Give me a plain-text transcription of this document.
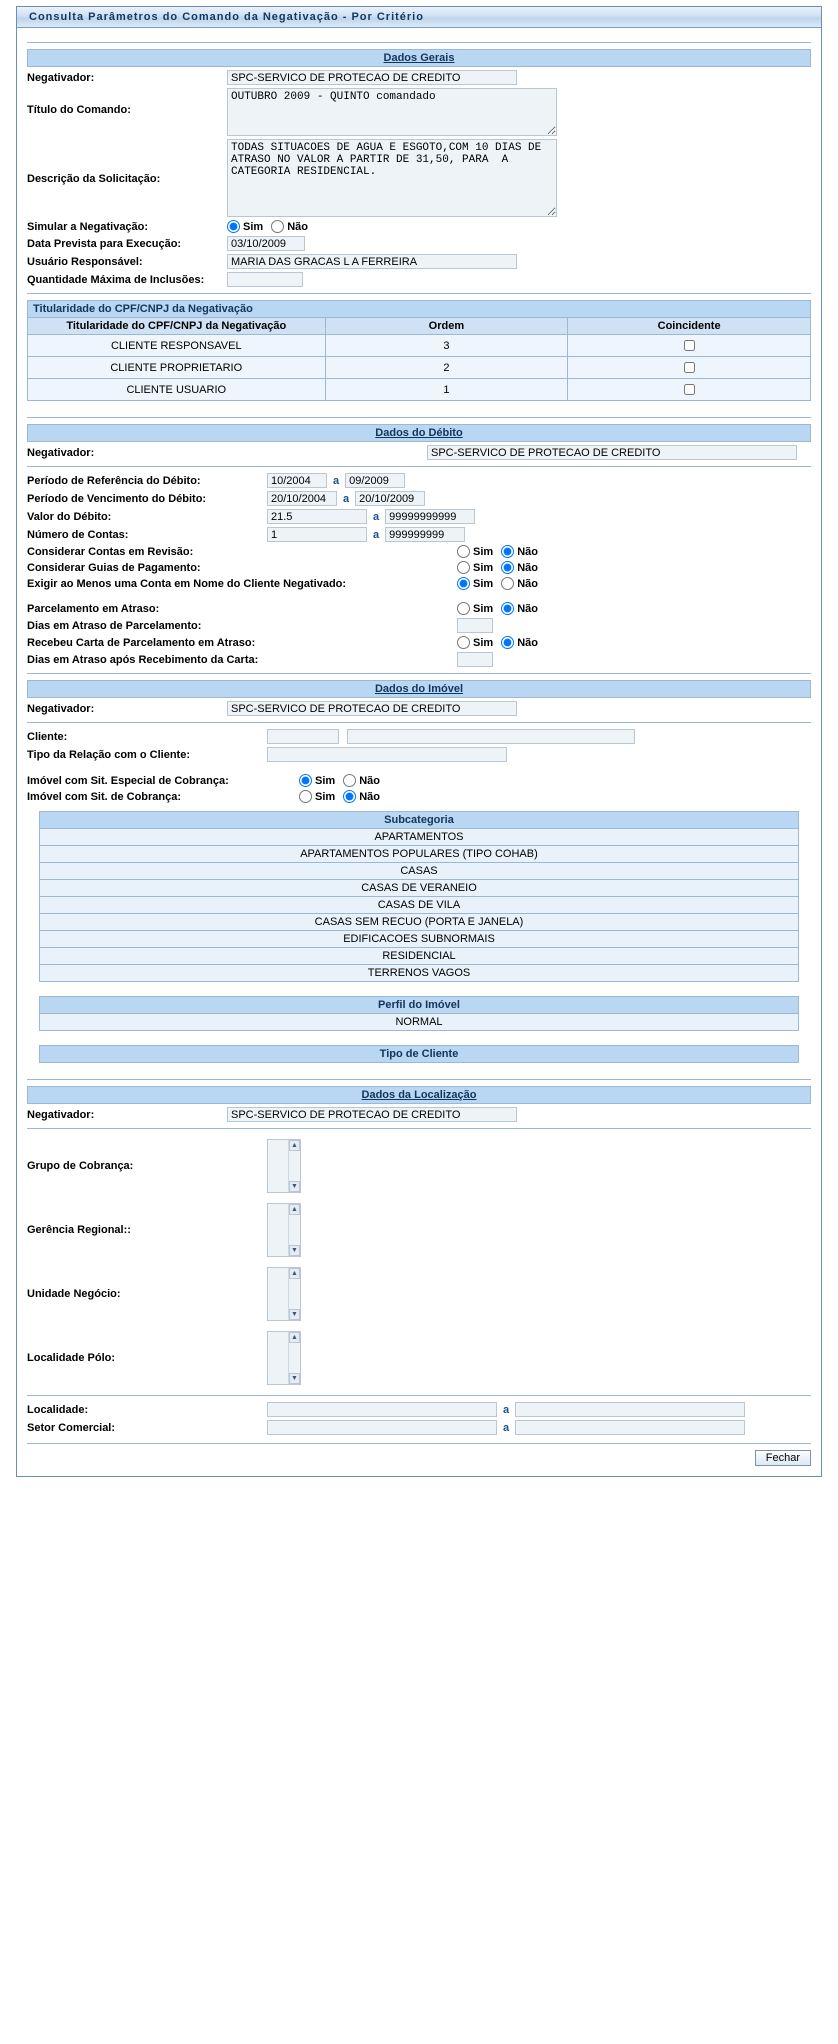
Consulta Parâmetros do Comando da Negativação - Por Critério
Dados Gerais
Negativador:
SPC-SERVICO DE PROTECAO DE CREDITO
Título do Comando:
OUTUBRO 2009 - QUINTO comandado
Descrição da Solicitação:
TODAS SITUACOES DE AGUA E ESGOTO,COM 10 DIAS DE ATRASO NO VALOR A PARTIR DE 31,50, PARA A CATEGORIA RESIDENCIAL.
Simular a Negativação:	Sim Não
Data Prevista para Execução:
03/10/2009
Usuário Responsável:
MARIA DAS GRACAS L A FERREIRA
Quantidade Máxima de Inclusões:
Titularidade do CPF/CNPJ da Negativação
Titularidade do CPF/CNPJ da Negativação	Ordem	Coincidente
CLIENTE RESPONSAVEL	3	
CLIENTE PROPRIETARIO	2	
CLIENTE USUARIO	1	
Dados do Débito
Negativador:
SPC-SERVICO DE PROTECAO DE CREDITO
Período de Referência do Débito:
10/2004	a
09/2009
Período de Vencimento do Débito:
20/10/2004	a
20/10/2009
Valor do Débito:
21.5	a
99999999999
Número de Contas:
1	a
999999999
Considerar Contas em Revisão:	Sim Não
Considerar Guias de Pagamento:	Sim Não
Exigir ao Menos uma Conta em Nome do Cliente Negativado:	Sim Não
Parcelamento em Atraso:	Sim Não
Dias em Atraso de Parcelamento:
Recebeu Carta de Parcelamento em Atraso:	Sim Não
Dias em Atraso após Recebimento da Carta:
Dados do Imóvel
Negativador:
SPC-SERVICO DE PROTECAO DE CREDITO
Cliente:
Tipo da Relação com o Cliente:
Imóvel com Sit. Especial de Cobrança:	Sim Não
Imóvel com Sit. de Cobrança:	Sim Não
Subcategoria
APARTAMENTOS
APARTAMENTOS POPULARES (TIPO COHAB)
CASAS
CASAS DE VERANEIO
CASAS DE VILA
CASAS SEM RECUO (PORTA E JANELA)
EDIFICACOES SUBNORMAIS
RESIDENCIAL
TERRENOS VAGOS
Perfil do Imóvel
NORMAL
Tipo de Cliente
Dados da Localização
Negativador:
SPC-SERVICO DE PROTECAO DE CREDITO
Grupo de Cobrança:
▲
▼
Gerência Regional::
▲
▼
Unidade Negócio:
▲
▼
Localidade Pólo:
▲
▼
Localidade:	a
Setor Comercial:	a
Fechar
